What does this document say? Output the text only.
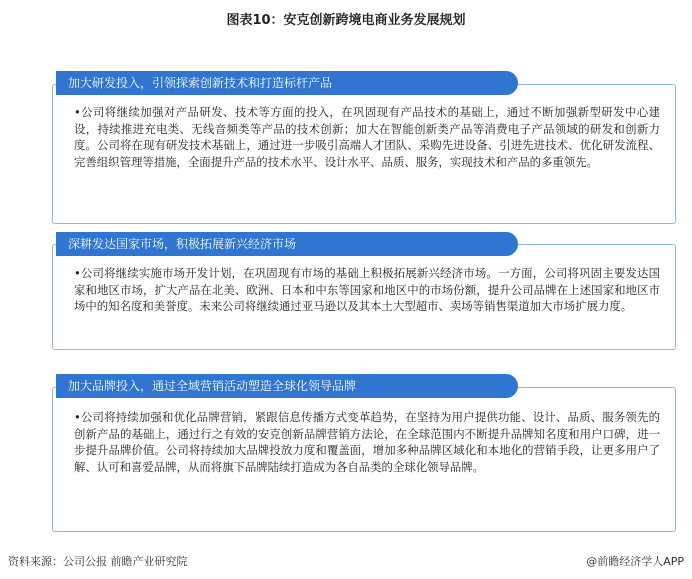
图表10：安克创新跨境电商业务发展规划
加大研发投入，引领探索创新技术和打造标杆产品
•公司将继续加强对产品研发、技术等方面的投入，在巩固现有产品技术的基础上，通过不断加强新型研发中心建设，持续推进充电类、无线音频类等产品的技术创新；加大在智能创新类产品等消费电子产品领域的研发和创新力度。公司将在现有研发技术基础上，通过进一步吸引高端人才团队、采购先进设备、引进先进技术、优化研发流程、完善组织管理等措施，全面提升产品的技术水平、设计水平、品质、服务，实现技术和产品的多重领先。
深耕发达国家市场，积极拓展新兴经济市场
•公司将继续实施市场开发计划，在巩固现有市场的基础上积极拓展新兴经济市场。一方面，公司将巩固主要发达国家和地区市场，扩大产品在北美、欧洲、日本和中东等国家和地区中的市场份额，提升公司品牌在上述国家和地区市场中的知名度和美誉度。未来公司将继续通过亚马逊以及其本土大型超市、卖场等销售渠道加大市场扩展力度。
加大品牌投入，通过全域营销活动塑造全球化领导品牌
•公司将持续加强和优化品牌营销，紧跟信息传播方式变革趋势，在坚持为用户提供功能、设计、品质、服务领先的创新产品的基础上，通过行之有效的安克创新品牌营销方法论，在全球范围内不断提升品牌知名度和用户口碑，进一步提升品牌价值。公司将持续加大品牌投放力度和覆盖面，增加多种品牌区域化和本地化的营销手段，让更多用户了解、认可和喜爱品牌，从而将旗下品牌陆续打造成为各自品类的全球化领导品牌。
资料来源：公司公报 前瞻产业研究院	@前瞻经济学人APP
